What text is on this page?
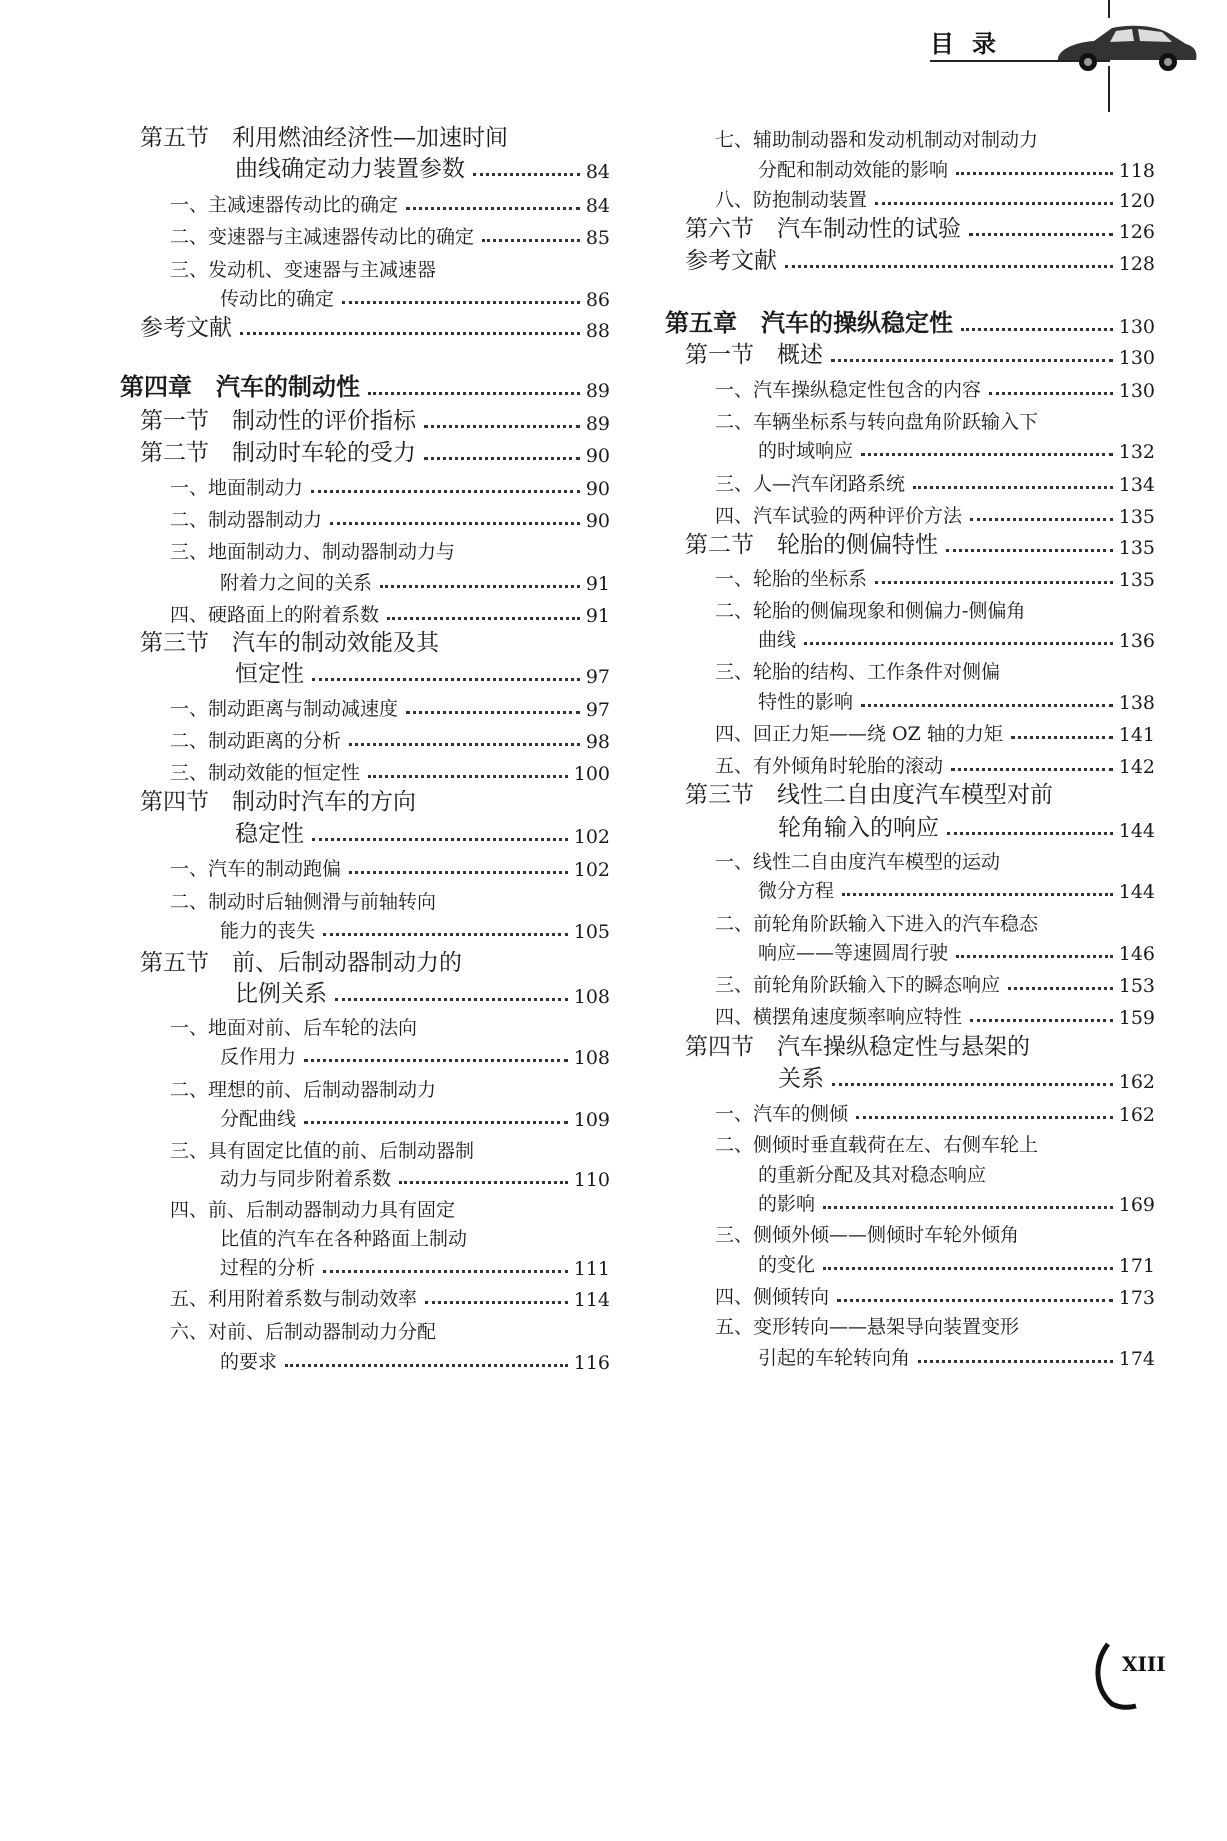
目录
第五节　利用燃油经济性—加速时间
曲线确定动力装置参数	84
一、主减速器传动比的确定	84
二、变速器与主减速器传动比的确定	85
三、发动机、变速器与主减速器
传动比的确定	86
参考文献	88
第四章　汽车的制动性	89
第一节　制动性的评价指标	89
第二节　制动时车轮的受力	90
一、地面制动力	90
二、制动器制动力	90
三、地面制动力、制动器制动力与
附着力之间的关系	91
四、硬路面上的附着系数	91
第三节　汽车的制动效能及其
恒定性	97
一、制动距离与制动减速度	97
二、制动距离的分析	98
三、制动效能的恒定性	100
第四节　制动时汽车的方向
稳定性	102
一、汽车的制动跑偏	102
二、制动时后轴侧滑与前轴转向
能力的丧失	105
第五节　前、后制动器制动力的
比例关系	108
一、地面对前、后车轮的法向
反作用力	108
二、理想的前、后制动器制动力
分配曲线	109
三、具有固定比值的前、后制动器制
动力与同步附着系数	110
四、前、后制动器制动力具有固定
比值的汽车在各种路面上制动
过程的分析	111
五、利用附着系数与制动效率	114
六、对前、后制动器制动力分配
的要求	116
七、辅助制动器和发动机制动对制动力
分配和制动效能的影响	118
八、防抱制动装置	120
第六节　汽车制动性的试验	126
参考文献	128
第五章　汽车的操纵稳定性	130
第一节　概述	130
一、汽车操纵稳定性包含的内容	130
二、车辆坐标系与转向盘角阶跃输入下
的时域响应	132
三、人—汽车闭路系统	134
四、汽车试验的两种评价方法	135
第二节　轮胎的侧偏特性	135
一、轮胎的坐标系	135
二、轮胎的侧偏现象和侧偏力-侧偏角
曲线	136
三、轮胎的结构、工作条件对侧偏
特性的影响	138
四、回正力矩——绕 OZ 轴的力矩	141
五、有外倾角时轮胎的滚动	142
第三节　线性二自由度汽车模型对前
轮角输入的响应	144
一、线性二自由度汽车模型的运动
微分方程	144
二、前轮角阶跃输入下进入的汽车稳态
响应——等速圆周行驶	146
三、前轮角阶跃输入下的瞬态响应	153
四、横摆角速度频率响应特性	159
第四节　汽车操纵稳定性与悬架的
关系	162
一、汽车的侧倾	162
二、侧倾时垂直载荷在左、右侧车轮上
的重新分配及其对稳态响应
的影响	169
三、侧倾外倾——侧倾时车轮外倾角
的变化	171
四、侧倾转向	173
五、变形转向——悬架导向装置变形
引起的车轮转向角	174
XIII
